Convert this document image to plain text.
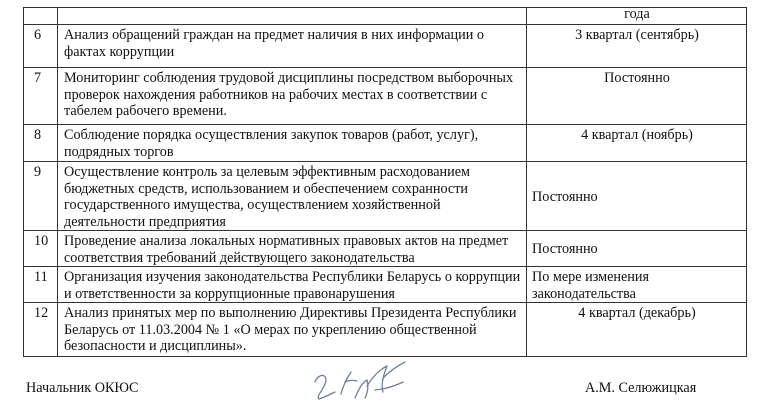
		года
6	Анализ обращений граждан на предмет наличия в них информации о фактах коррупции	3 квартал (сентябрь)
7	Мониторинг соблюдения трудовой дисциплины посредством выборочных проверок нахождения работников на рабочих местах в соответствии с табелем рабочего времени.	Постоянно
8	Соблюдение порядка осуществления закупок товаров (работ, услуг), подрядных торгов	4 квартал (ноябрь)
9	Осуществление контроль за целевым эффективным расходованием бюджетных средств, использованием и обеспечением сохранности государственного имущества, осуществлением хозяйственной деятельности предприятия	Постоянно
10	Проведение анализа локальных нормативных правовых актов на предмет соответствия требований действующего законодательства	Постоянно
11	Организация изучения законодательства Республики Беларусь о коррупции и ответственности за коррупционные правонарушения	По мере изменения законодательства
12	Анализ принятых мер по выполнению Директивы Президента Республики Беларусь от 11.03.2004 № 1 «О мерах по укреплению общественной безопасности и дисциплины».	4 квартал (декабрь)
Начальник ОКЮС	А.М. Селюжицкая
